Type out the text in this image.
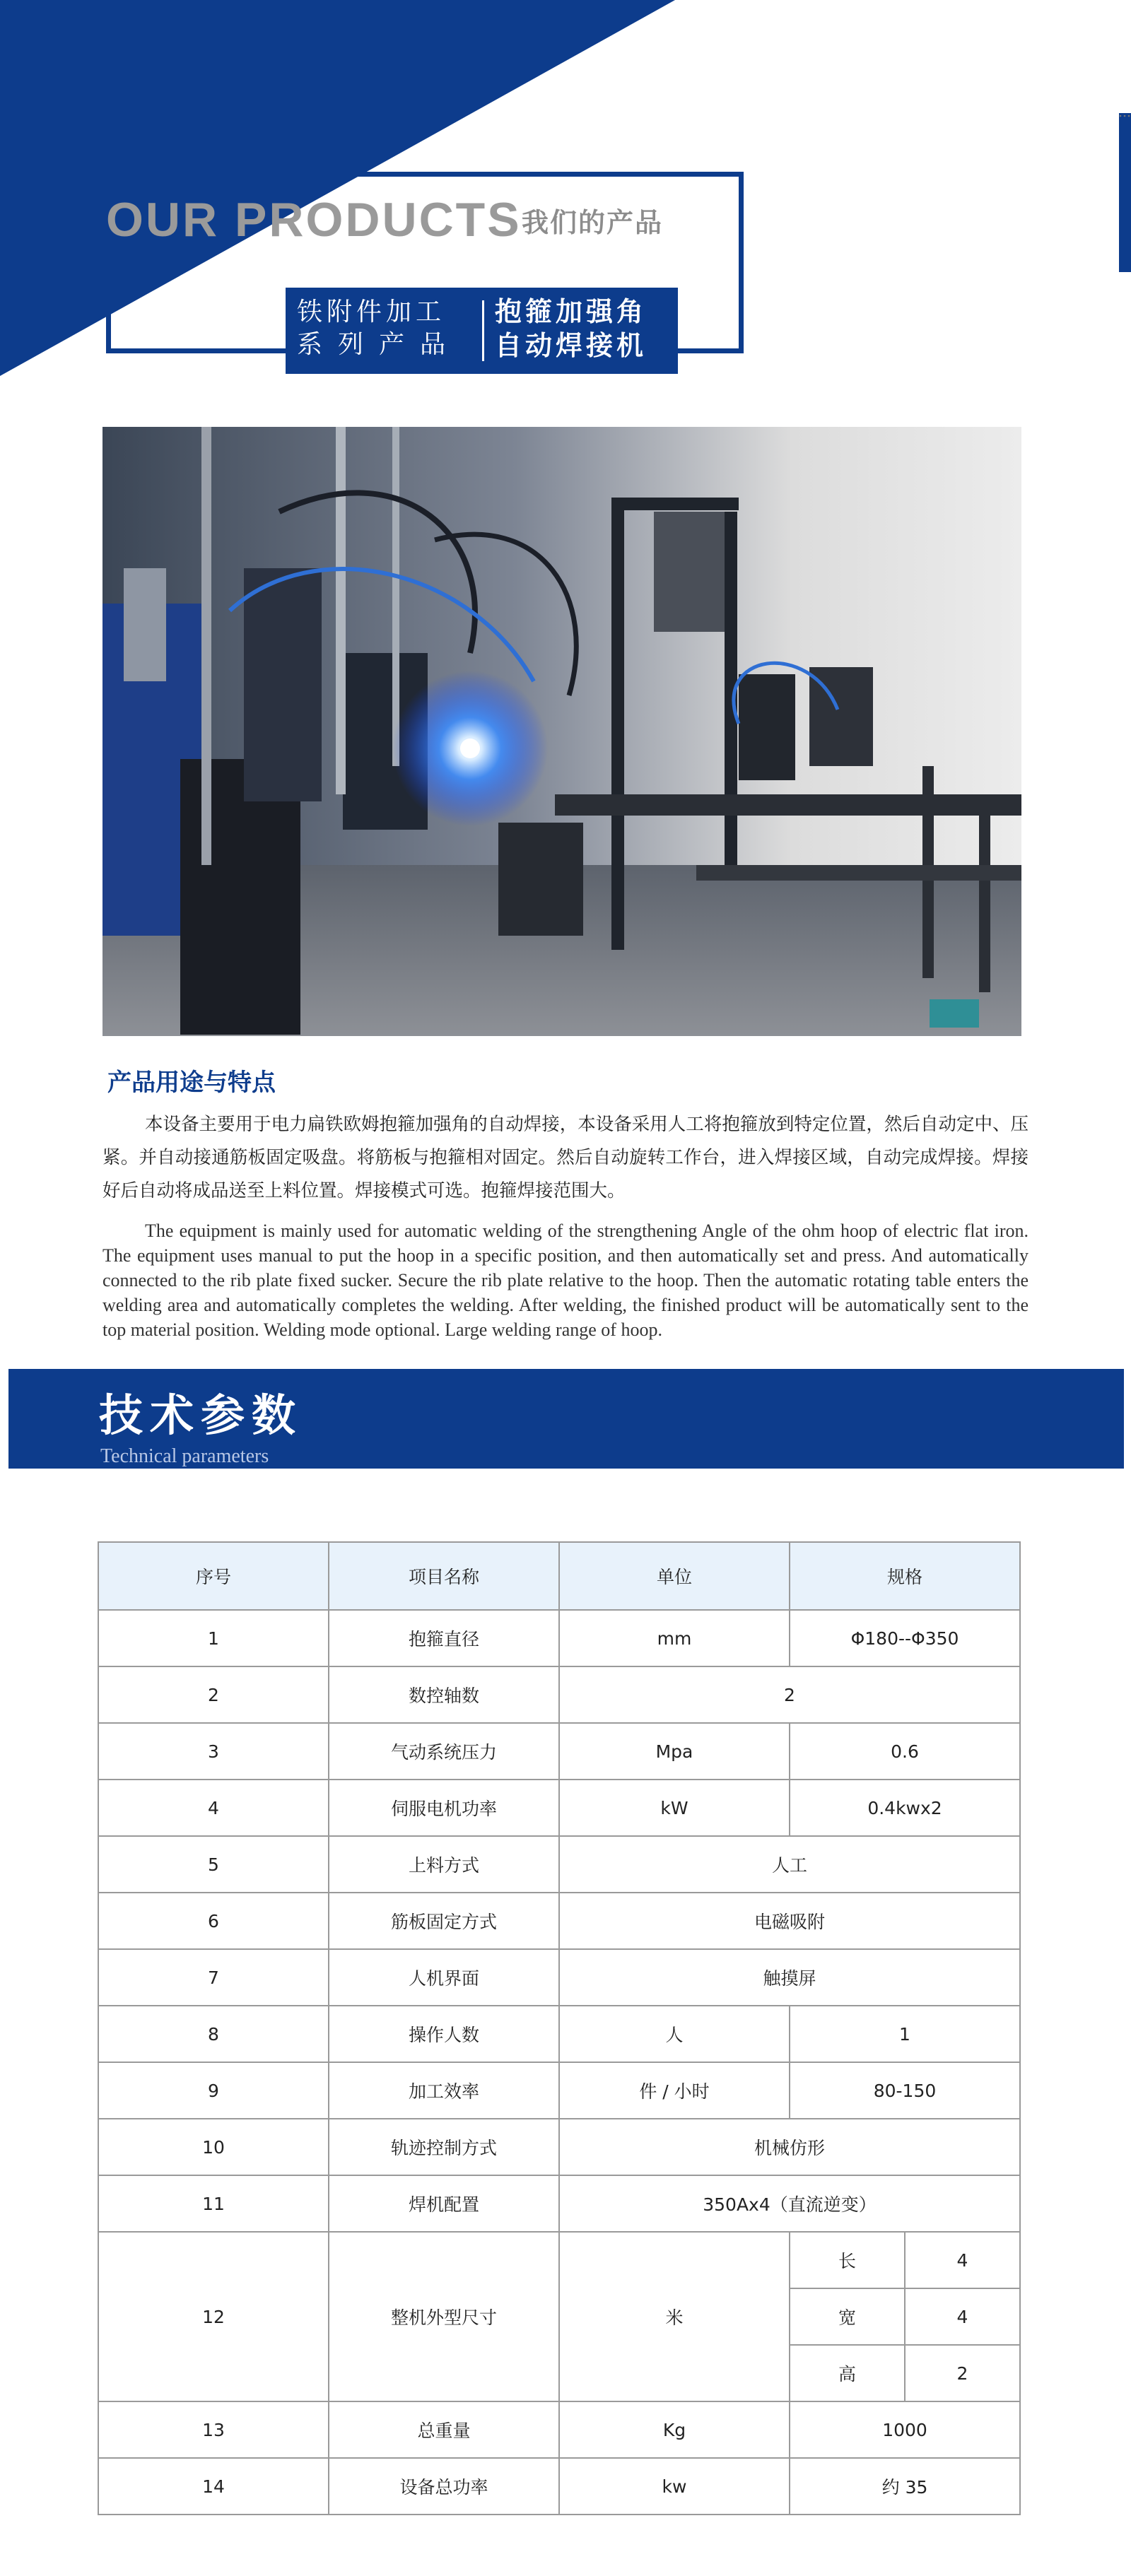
OUR PRODUCTS 我们的产品
铁附件加工
系列产品
抱箍加强角
自动焊接机
产品用途与特点
本设备主要用于电力扁铁欧姆抱箍加强角的自动焊接，本设备采用人工将抱箍放到特定位置，然后自动定中、压紧。并自动接通筋板固定吸盘。将筋板与抱箍相对固定。然后自动旋转工作台，进入焊接区域，自动完成焊接。焊接好后自动将成品送至上料位置。焊接模式可选。抱箍焊接范围大。
The equipment is mainly used for automatic welding of the strengthening Angle of the ohm hoop of electric flat iron. The equipment uses manual to put the hoop in a specific position, and then automatically set and press. And automatically connected to the rib plate fixed sucker. Secure the rib plate relative to the hoop. Then the automatic rotating table enters the welding area and automatically completes the welding. After welding, the finished product will be automatically sent to the top material position. Welding mode optional. Large welding range of hoop.
技术参数
Technical parameters
序号	项目名称	单位	规格	
1	抱箍直径	mm	Φ180--Φ350	
2	数控轴数	2		
3	气动系统压力	Mpa	0.6	
4	伺服电机功率	kW	0.4kwx2	
5	上料方式	人工		
6	筋板固定方式	电磁吸附		
7	人机界面	触摸屏		
8	操作人数	人	1	
9	加工效率	件 / 小时	80-150	
10	轨迹控制方式	机械仿形		
11	焊机配置	350Ax4（直流逆变）		
12	整机外型尺寸	米	长	4
			宽	4
			高	2
13	总重量	Kg	1000	
14	设备总功率	kw	约 35	
